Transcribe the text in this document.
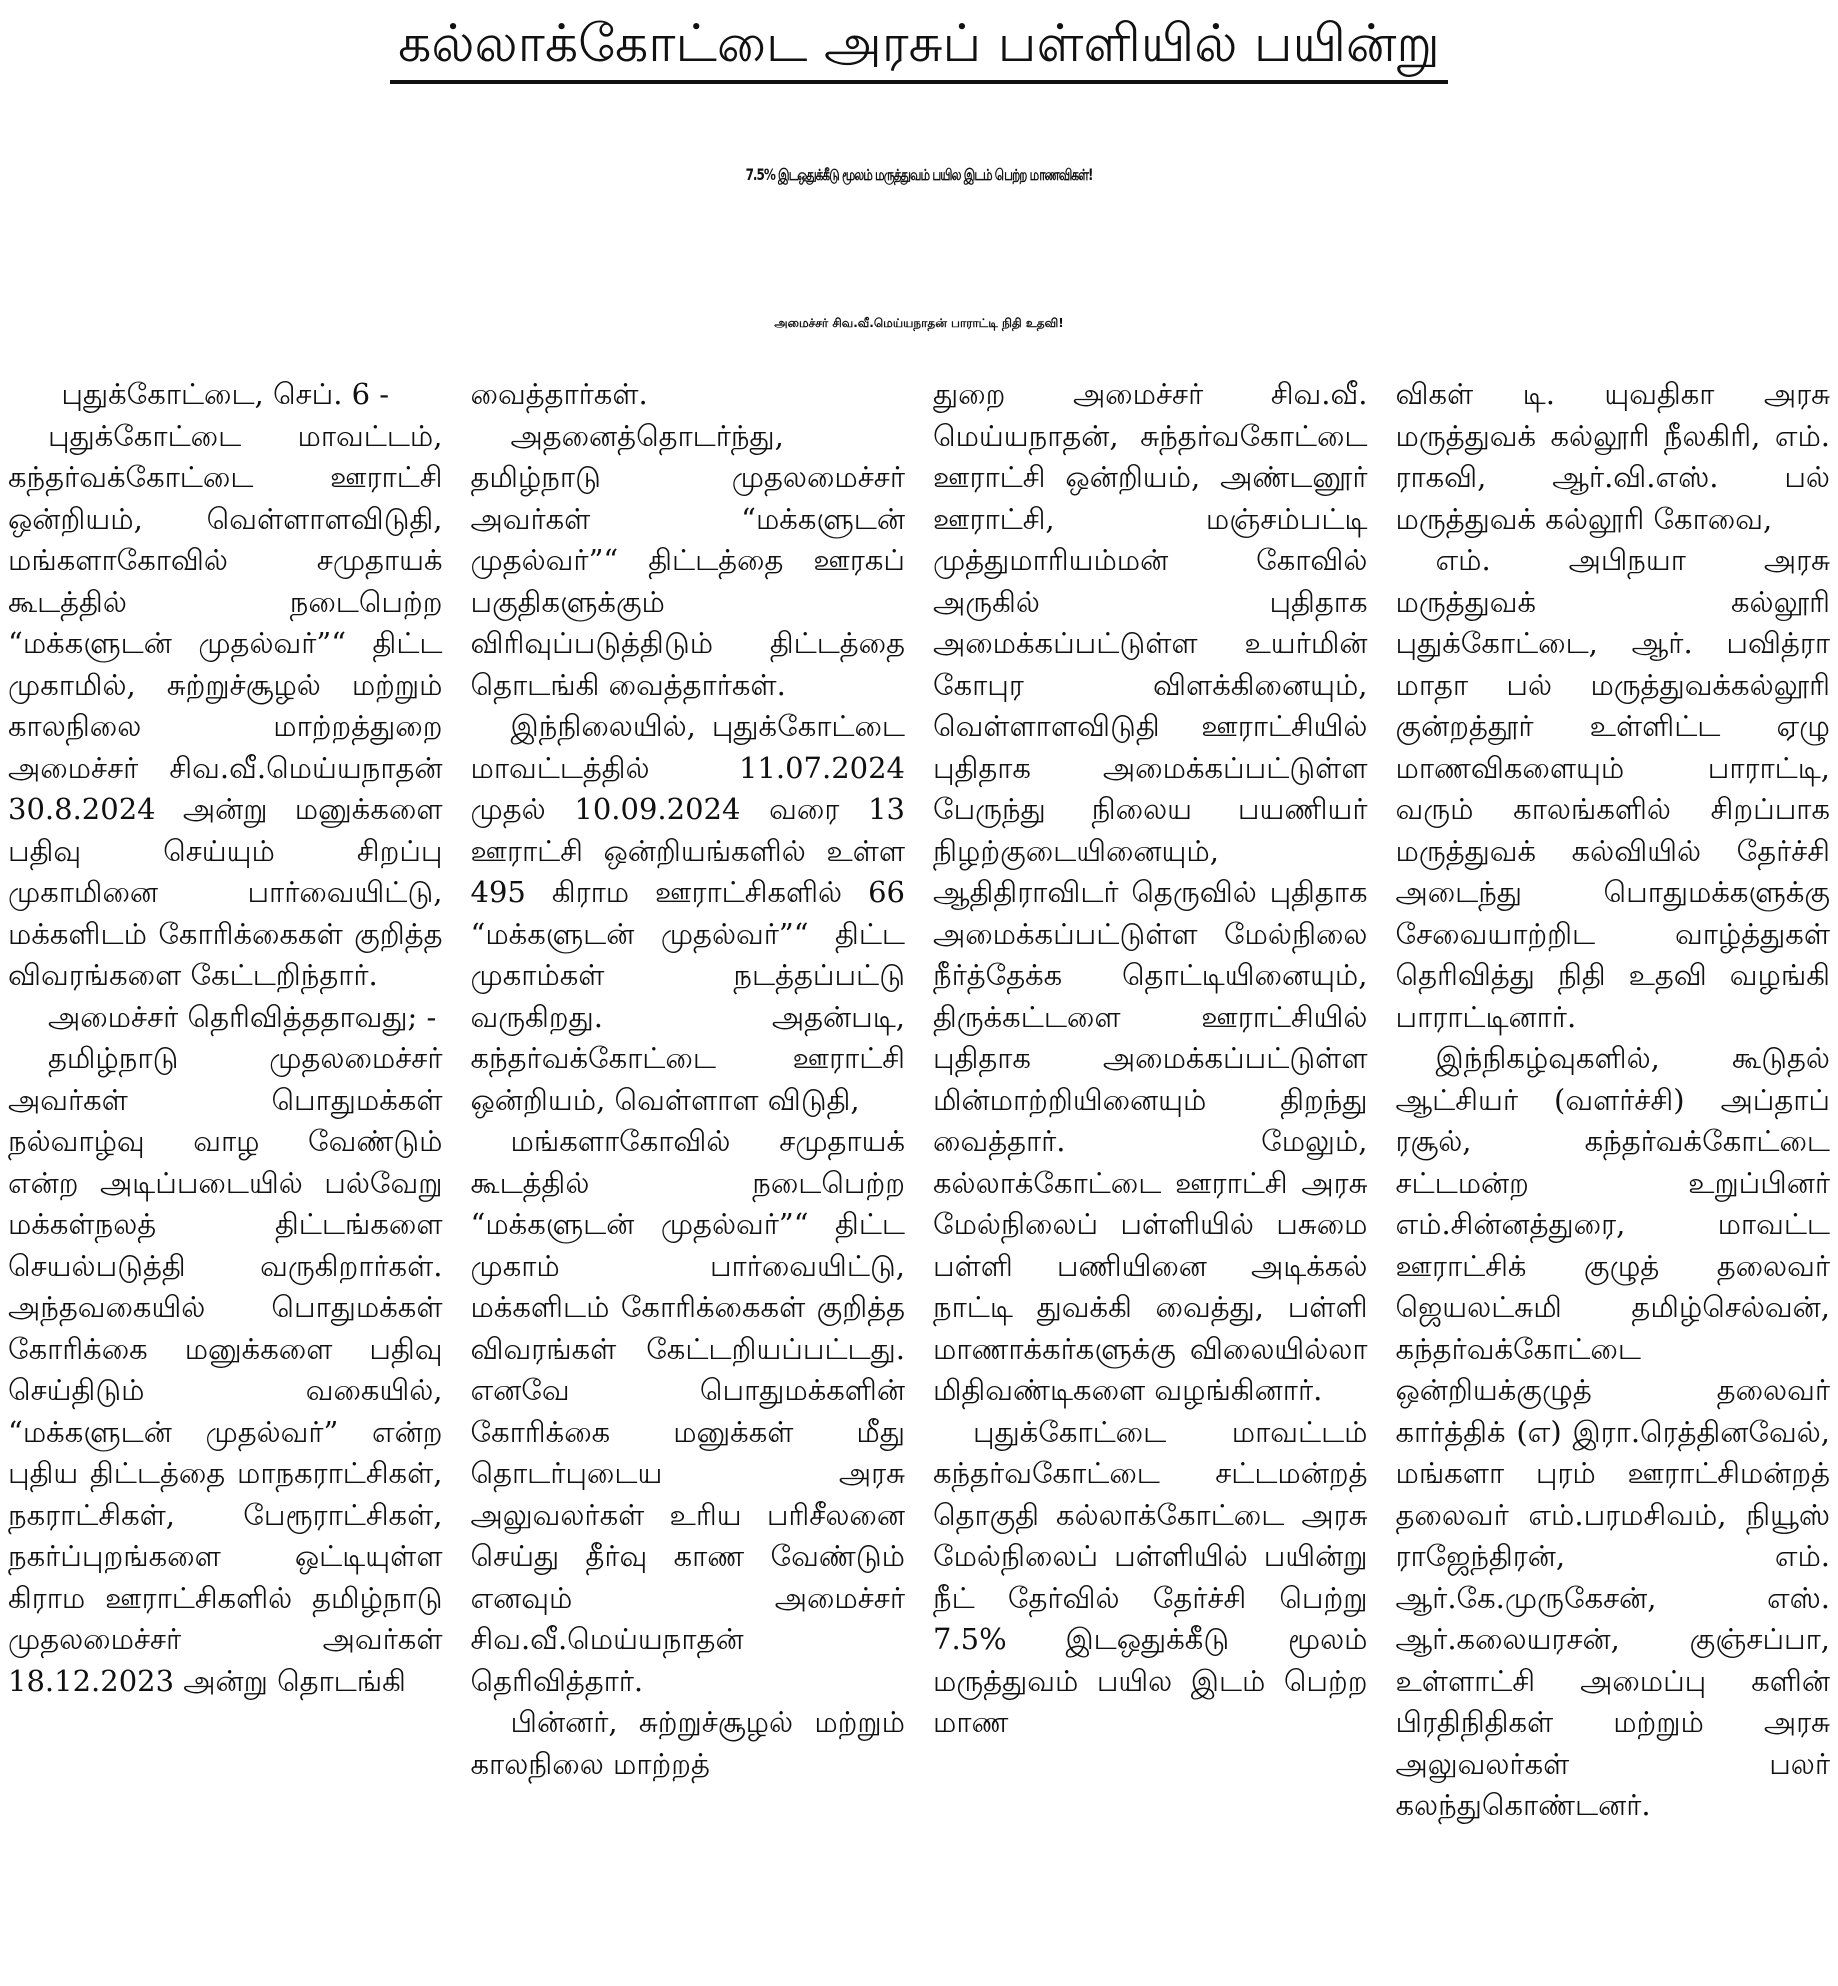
கல்லாக்கோட்டை அரசுப் பள்ளியில் பயின்று
7.5% இடஒதுக்கீடு மூலம் மருத்துவம் பயில இடம் பெற்ற மாணவிகள்!
அமைச்சர் சிவ.வீ.மெய்யநாதன் பாராட்டி நிதி உதவி!

புதுக்கோட்டை, செப். 6 -

புதுக்கோட்டை மாவட்டம், கந்தர்வக்கோட்டை ஊராட்சி ஒன்றியம், வெள்ளாளவிடுதி, மங்களாகோவில் சமுதாயக் கூடத்தில் நடைபெற்ற “மக்களுடன் முதல்வர்”“ திட்ட முகாமில், சுற்றுச்சூழல் மற்றும் காலநிலை மாற்றத்துறை அமைச்சர் சிவ.வீ.மெய்யநாதன் 30.8.2024 அன்று மனுக்களை பதிவு செய்யும் சிறப்பு முகாமினை பார்வையிட்டு, மக்களிடம் கோரிக்கைகள் குறித்த விவரங்களை கேட்டறிந்தார்.

அமைச்சர் தெரிவித்ததாவது; -

தமிழ்நாடு முதலமைச்சர் அவர்கள் பொதுமக்கள் நல்வாழ்வு வாழ வேண்டும் என்ற அடிப்படையில் பல்வேறு மக்கள்நலத் திட்டங்களை செயல்படுத்தி வருகிறார்கள். அந்தவகையில் பொதுமக்கள் கோரிக்கை மனுக்களை பதிவு செய்திடும் வகையில், “மக்களுடன் முதல்வர்” என்ற புதிய திட்டத்தை மாநகராட்சிகள், நகராட்சிகள், பேரூராட்சிகள், நகர்ப்புறங்களை ஒட்டியுள்ள கிராம ஊராட்சிகளில் தமிழ்நாடு முதலமைச்சர் அவர்கள் 18.12.2023 அன்று தொடங்கி

வைத்தார்கள்.

அதனைத்தொடர்ந்து, தமிழ்நாடு முதலமைச்சர் அவர்கள் “மக்களுடன் முதல்வர்”“ திட்டத்தை ஊரகப் பகுதிகளுக்கும் விரிவுப்படுத்திடும் திட்டத்தை தொடங்கி வைத்தார்கள்.

இந்நிலையில், புதுக்கோட்டை மாவட்டத்தில் 11.07.2024 முதல் 10.09.2024 வரை 13 ஊராட்சி ஒன்றியங்களில் உள்ள 495 கிராம ஊராட்சிகளில் 66 “மக்களுடன் முதல்வர்”“ திட்ட முகாம்கள் நடத்தப்பட்டு வருகிறது. அதன்படி, கந்தர்வக்கோட்டை ஊராட்சி ஒன்றியம், வெள்ளாள விடுதி,

மங்களாகோவில் சமுதாயக் கூடத்தில் நடைபெற்ற “மக்களுடன் முதல்வர்”“ திட்ட முகாம் பார்வையிட்டு, மக்களிடம் கோரிக்கைகள் குறித்த விவரங்கள் கேட்டறியப்பட்டது. எனவே பொதுமக்களின் கோரிக்கை மனுக்கள் மீது தொடர்புடைய அரசு அலுவலர்கள் உரிய பரிசீலனை செய்து தீர்வு காண வேண்டும் எனவும் அமைச்சர் சிவ.வீ.மெய்யநாதன் தெரிவித்தார்.

பின்னர், சுற்றுச்சூழல் மற்றும் காலநிலை மாற்றத்

துறை அமைச்சர் சிவ.வீ. மெய்யநாதன், சுந்தர்வகோட்டை ஊராட்சி ஒன்றியம், அண்டனூர் ஊராட்சி, மஞ்சம்பட்டி முத்துமாரியம்மன் கோவில் அருகில் புதிதாக அமைக்கப்பட்டுள்ள உயர்மின் கோபுர விளக்கினையும், வெள்ளாளவிடுதி ஊராட்சியில் புதிதாக அமைக்கப்பட்டுள்ள பேருந்து நிலைய பயணியர் நிழற்குடையினையும், ஆதிதிராவிடர் தெருவில் புதிதாக அமைக்கப்பட்டுள்ள மேல்நிலை நீர்த்தேக்க தொட்டியினையும், திருக்கட்டளை ஊராட்சியில் புதிதாக அமைக்கப்பட்டுள்ள மின்மாற்றியினையும் திறந்து வைத்தார். மேலும், கல்லாக்கோட்டை ஊராட்சி அரசு மேல்நிலைப் பள்ளியில் பசுமை பள்ளி பணியினை அடிக்கல் நாட்டி துவக்கி வைத்து, பள்ளி மாணாக்கர்களுக்கு விலையில்லா மிதிவண்டிகளை வழங்கினார்.

புதுக்கோட்டை மாவட்டம் கந்தர்வகோட்டை சட்டமன்றத் தொகுதி கல்லாக்கோட்டை அரசு மேல்நிலைப் பள்ளியில் பயின்று நீட் தேர்வில் தேர்ச்சி பெற்று 7.5% இடஒதுக்கீடு மூலம் மருத்துவம் பயில இடம் பெற்ற மாண

விகள் டி. யுவதிகா அரசு மருத்துவக் கல்லூரி நீலகிரி, எம். ராகவி, ஆர்.வி.எஸ். பல் மருத்துவக் கல்லூரி கோவை,

எம். அபிநயா அரசு மருத்துவக் கல்லூரி புதுக்கோட்டை, ஆர். பவித்ரா மாதா பல் மருத்துவக்கல்லூரி குன்றத்தூர் உள்ளிட்ட ஏழு மாணவிகளையும் பாராட்டி, வரும் காலங்களில் சிறப்பாக மருத்துவக் கல்வியில் தேர்ச்சி அடைந்து பொதுமக்களுக்கு சேவையாற்றிட வாழ்த்துகள் தெரிவித்து நிதி உதவி வழங்கி பாராட்டினார்.

இந்நிகழ்வுகளில், கூடுதல் ஆட்சியர் (வளர்ச்சி) அப்தாப் ரசூல், கந்தர்வக்கோட்டை சட்டமன்ற உறுப்பினர் எம்.சின்னத்துரை, மாவட்ட ஊராட்சிக் குழுத் தலைவர் ஜெயலட்சுமி தமிழ்செல்வன், கந்தர்வக்கோட்டை ஒன்றியக்குழுத் தலைவர் கார்த்திக் (எ) இரா.ரெத்தினவேல், மங்களா புரம் ஊராட்சிமன்றத் தலைவர் எம்.பரமசிவம், நியூஸ் ராஜேந்திரன், எம். ஆர்.கே.முருகேசன், எஸ். ஆர்.கலையரசன், குஞ்சப்பா, உள்ளாட்சி அமைப்பு களின் பிரதிநிதிகள் மற்றும் அரசு அலுவலர்கள் பலர் கலந்துகொண்டனர்.
